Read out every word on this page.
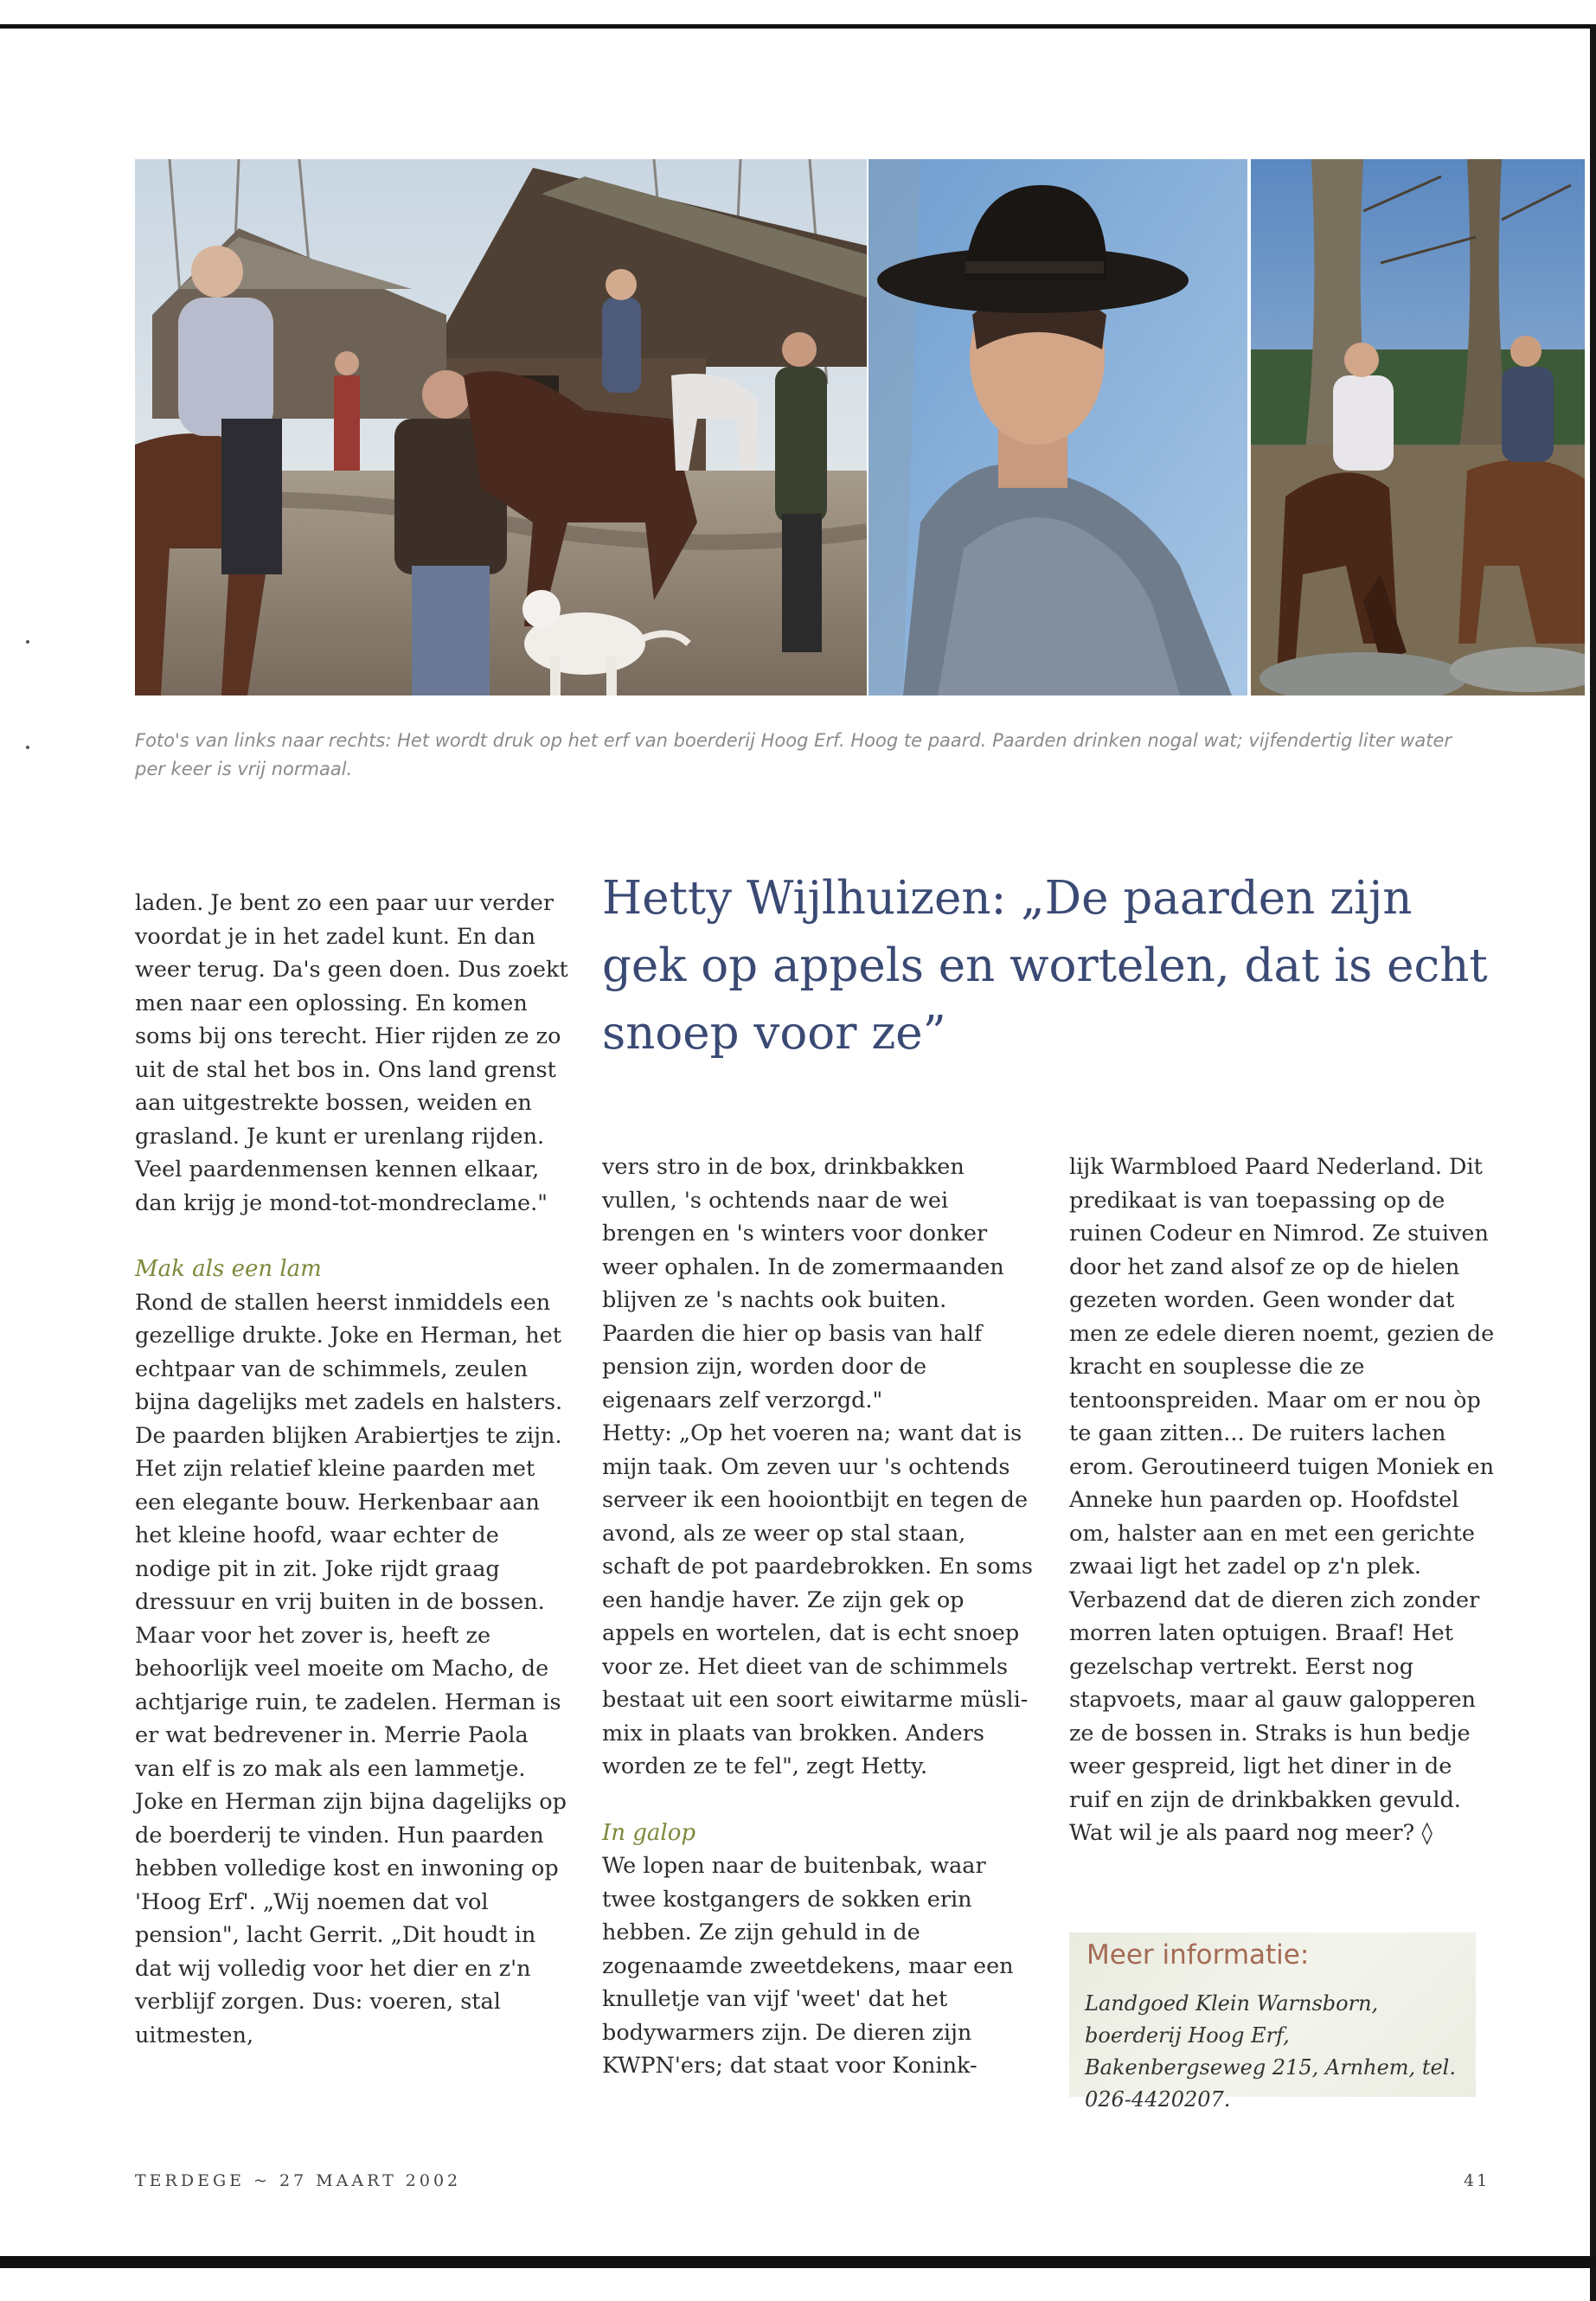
Foto's van links naar rechts: Het wordt druk op het erf van boerderij Hoog Erf. Hoog te paard. Paarden drinken nogal wat; vijfendertig liter water per keer is vrij normaal.

laden. Je bent zo een paar uur verder voordat je in het zadel kunt. En dan weer terug. Da's geen doen. Dus zoekt men naar een oplossing. En komen soms bij ons terecht. Hier rijden ze zo uit de stal het bos in. Ons land grenst aan uitgestrekte bossen, weiden en grasland. Je kunt er urenlang rijden. Veel paardenmensen kennen elkaar, dan krijg je mond-tot-mondreclame."

Mak als een lam

Rond de stallen heerst inmiddels een gezellige drukte. Joke en Herman, het echtpaar van de schimmels, zeulen bijna dagelijks met zadels en halsters. De paarden blijken Arabiertjes te zijn. Het zijn relatief kleine paarden met een elegante bouw. Herkenbaar aan het kleine hoofd, waar echter de nodige pit in zit. Joke rijdt graag dressuur en vrij buiten in de bossen. Maar voor het zover is, heeft ze behoorlijk veel moeite om Macho, de achtjarige ruin, te zadelen. Herman is er wat bedrevener in. Merrie Paola van elf is zo mak als een lammetje. Joke en Herman zijn bijna dagelijks op de boerderij te vinden. Hun paarden hebben volledige kost en inwoning op 'Hoog Erf'. „Wij noemen dat vol pension", lacht Gerrit. „Dit houdt in dat wij volledig voor het dier en z'n verblijf zorgen. Dus: voeren, stal uitmesten,

Hetty Wijlhuizen: „De paarden zijn gek op appels en wortelen, dat is echt snoep voor ze”

vers stro in de box, drinkbakken vullen, 's ochtends naar de wei brengen en 's winters voor donker weer ophalen. In de zomermaanden blijven ze 's nachts ook buiten. Paarden die hier op basis van half pension zijn, worden door de eigenaars zelf verzorgd."

Hetty: „Op het voeren na; want dat is mijn taak. Om zeven uur 's ochtends serveer ik een hooiontbijt en tegen de avond, als ze weer op stal staan, schaft de pot paardebrokken. En soms een handje haver. Ze zijn gek op appels en wortelen, dat is echt snoep voor ze. Het dieet van de schimmels bestaat uit een soort eiwitarme müsli-mix in plaats van brokken. Anders worden ze te fel", zegt Hetty.

In galop

We lopen naar de buitenbak, waar twee kostgangers de sokken erin hebben. Ze zijn gehuld in de zogenaamde zweetdekens, maar een knulletje van vijf 'weet' dat het bodywarmers zijn. De dieren zijn KWPN'ers; dat staat voor Konink-

lijk Warmbloed Paard Nederland. Dit predikaat is van toepassing op de ruinen Codeur en Nimrod. Ze stuiven door het zand alsof ze op de hielen gezeten worden. Geen wonder dat men ze edele dieren noemt, gezien de kracht en souplesse die ze tentoonspreiden. Maar om er nou òp te gaan zitten... De ruiters lachen erom. Geroutineerd tuigen Moniek en Anneke hun paarden op. Hoofdstel om, halster aan en met een gerichte zwaai ligt het zadel op z'n plek. Verbazend dat de dieren zich zonder morren laten optuigen. Braaf! Het gezelschap vertrekt. Eerst nog stapvoets, maar al gauw galopperen ze de bossen in. Straks is hun bedje weer gespreid, ligt het diner in de ruif en zijn de drinkbakken gevuld. Wat wil je als paard nog meer? ◊

Meer informatie:
Landgoed Klein Warnsborn, boerderij Hoog Erf, Bakenbergseweg 215, Arnhem, tel. 026-4420207.
TERDEGE ~ 27 MAART 2002	41
